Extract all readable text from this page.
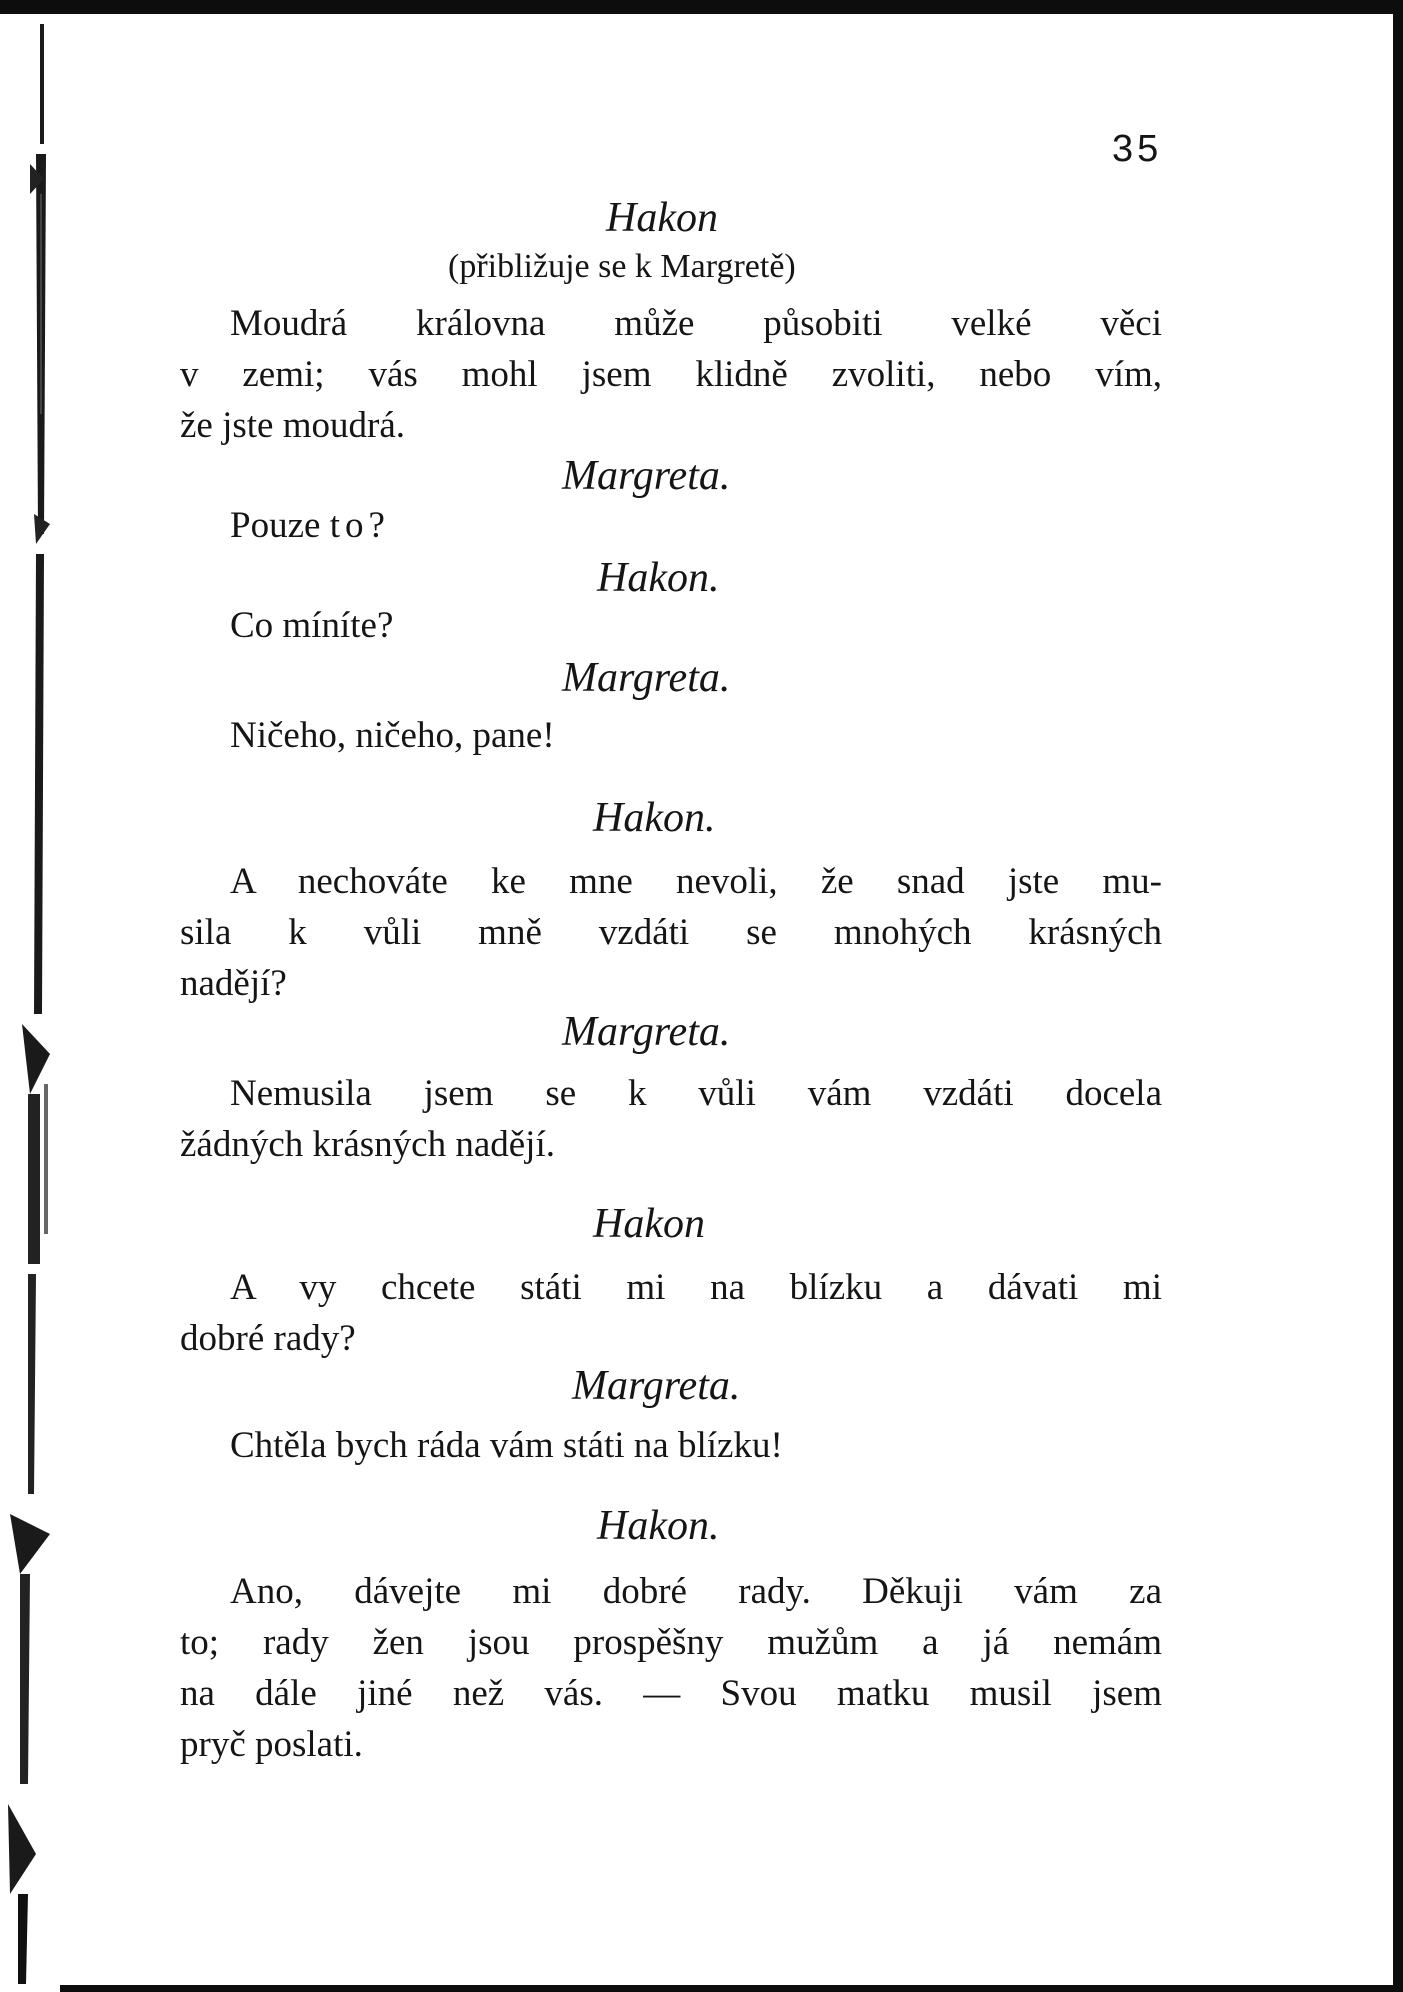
35
Hakon
(přibližuje se k Margretě)
Moudrá královna může působiti velké věci
v zemi; vás mohl jsem klidně zvoliti, nebo vím,
že jste moudrá.
Margreta.
Pouze to?
Hakon.
Co míníte?
Margreta.
Ničeho, ničeho, pane!
Hakon.
A nechováte ke mne nevoli, že snad jste mu-
sila k vůli mně vzdáti se mnohých krásných
nadějí?
Margreta.
Nemusila jsem se k vůli vám vzdáti docela
žádných krásných nadějí.
Hakon
A vy chcete státi mi na blízku a dávati mi
dobré rady?
Margreta.
Chtěla bych ráda vám státi na blízku!
Hakon.
Ano, dávejte mi dobré rady. Děkuji vám za
to; rady žen jsou prospěšny mužům a já nemám
na dále jiné než vás. — Svou matku musil jsem
pryč poslati.
